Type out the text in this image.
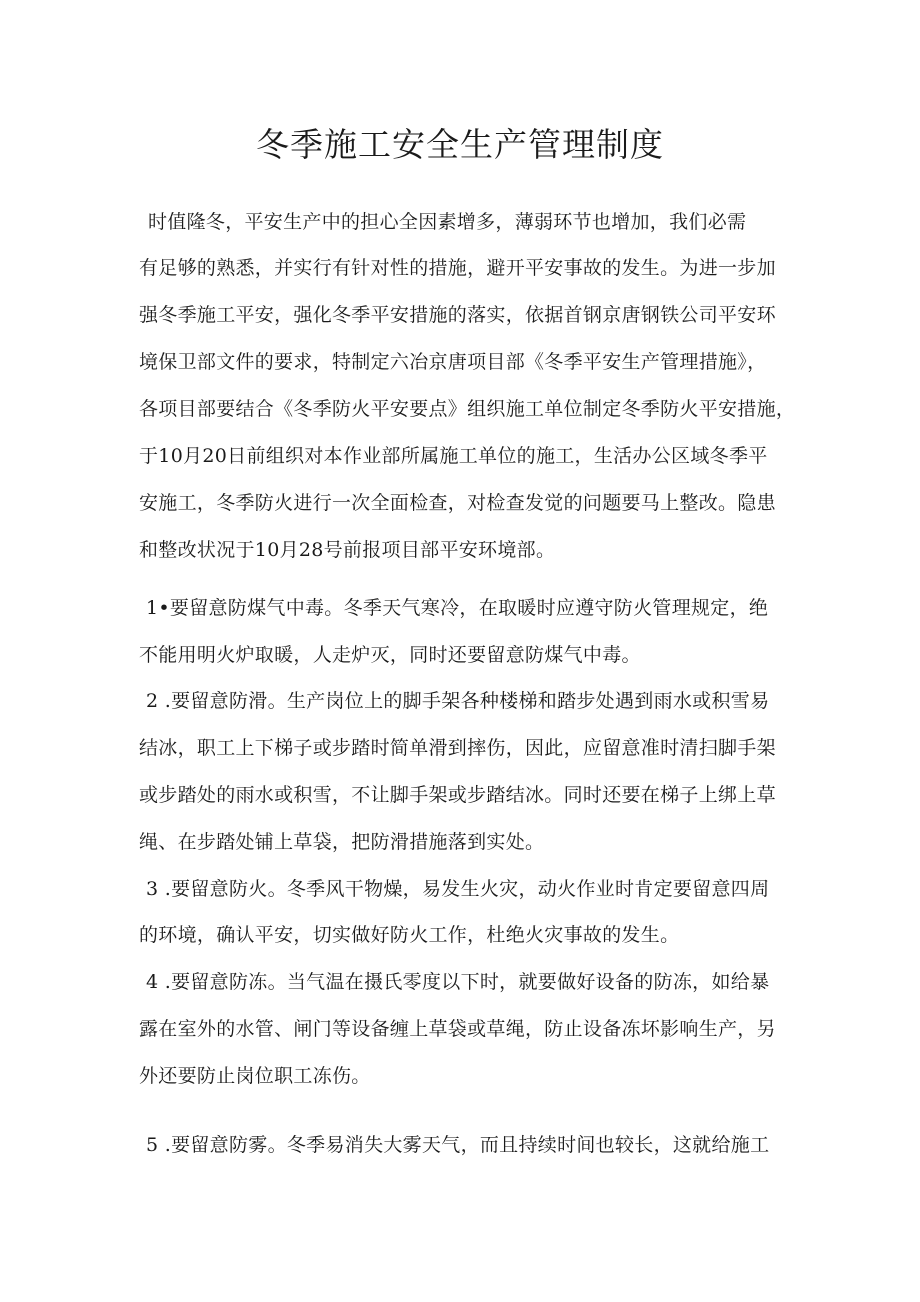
冬季施工安全生产管理制度
时值隆冬，平安生产中的担心全因素增多，薄弱环节也增加，我们必需
有足够的熟悉，并实行有针对性的措施，避开平安事故的发生。为进一步加
强冬季施工平安，强化冬季平安措施的落实，依据首钢京唐钢铁公司平安环
境保卫部文件的要求，特制定六冶京唐项目部《冬季平安生产管理措施》，
各项目部要结合《冬季防火平安要点》组织施工单位制定冬季防火平安措施，
于10月20日前组织对本作业部所属施工单位的施工，生活办公区域冬季平
安施工，冬季防火进行一次全面检查，对检查发觉的问题要马上整改。隐患
和整改状况于10月28号前报项目部平安环境部。
1•要留意防煤气中毒。冬季天气寒冷，在取暖时应遵守防火管理规定，绝
不能用明火炉取暖，人走炉灭，同时还要留意防煤气中毒。
2 .要留意防滑。生产岗位上的脚手架各种楼梯和踏步处遇到雨水或积雪易
结冰，职工上下梯子或步踏时简单滑到摔伤，因此，应留意准时清扫脚手架
或步踏处的雨水或积雪，不让脚手架或步踏结冰。同时还要在梯子上绑上草
绳、在步踏处铺上草袋，把防滑措施落到实处。
3 .要留意防火。冬季风干物燥，易发生火灾，动火作业时肯定要留意四周
的环境，确认平安，切实做好防火工作，杜绝火灾事故的发生。
4 .要留意防冻。当气温在摄氏零度以下时，就要做好设备的防冻，如给暴
露在室外的水管、闸门等设备缠上草袋或草绳，防止设备冻坏影响生产，另
外还要防止岗位职工冻伤。
5 .要留意防雾。冬季易消失大雾天气，而且持续时间也较长，这就给施工
